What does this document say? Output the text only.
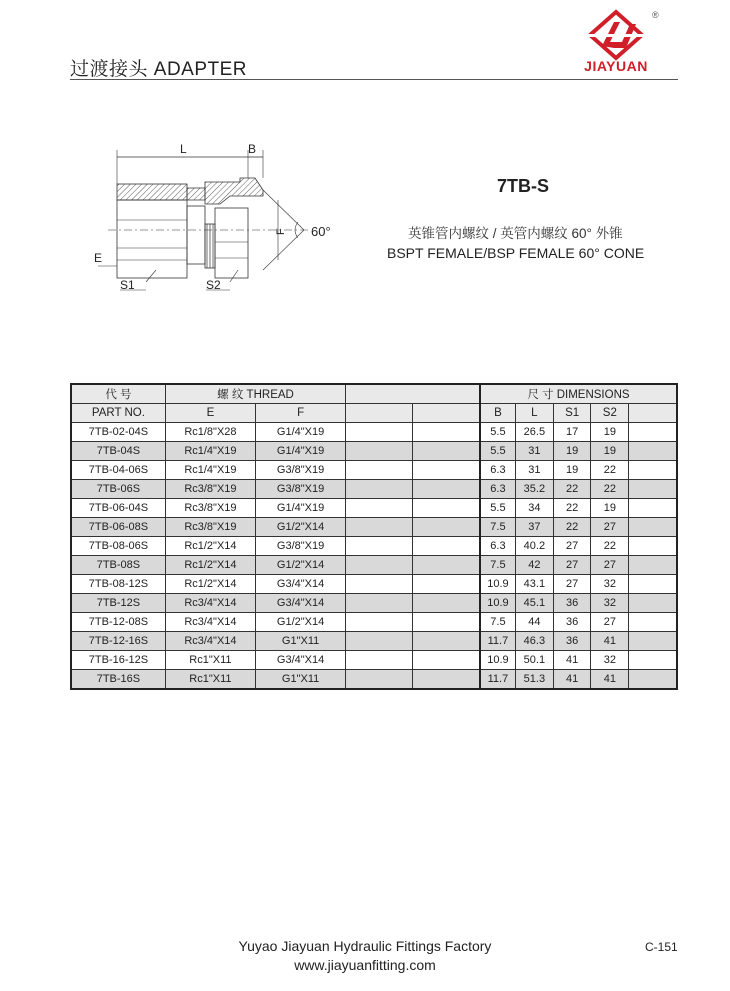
过渡接头 ADAPTER
®
JIAYUAN
L	B
60°
F
E
S1	S2
7TB-S
英锥管内螺纹 / 英管内螺纹 60° 外锥
BSPT FEMALE/BSP FEMALE 60° CONE
代 号	螺 纹 THREAD				尺 寸 DIMENSIONS				
PART NO.	E	F			B	L	S1	S2	
7TB-02-04S	Rc1/8"X28	G1/4"X19			5.5	26.5	17	19	
7TB-04S	Rc1/4"X19	G1/4"X19			5.5	31	19	19	
7TB-04-06S	Rc1/4"X19	G3/8"X19			6.3	31	19	22	
7TB-06S	Rc3/8"X19	G3/8"X19			6.3	35.2	22	22	
7TB-06-04S	Rc3/8"X19	G1/4"X19			5.5	34	22	19	
7TB-06-08S	Rc3/8"X19	G1/2"X14			7.5	37	22	27	
7TB-08-06S	Rc1/2"X14	G3/8"X19			6.3	40.2	27	22	
7TB-08S	Rc1/2"X14	G1/2"X14			7.5	42	27	27	
7TB-08-12S	Rc1/2"X14	G3/4"X14			10.9	43.1	27	32	
7TB-12S	Rc3/4"X14	G3/4"X14			10.9	45.1	36	32	
7TB-12-08S	Rc3/4"X14	G1/2"X14			7.5	44	36	27	
7TB-12-16S	Rc3/4"X14	G1"X11			11.7	46.3	36	41	
7TB-16-12S	Rc1"X11	G3/4"X14			10.9	50.1	41	32	
7TB-16S	Rc1"X11	G1"X11			11.7	51.3	41	41	
Yuyao Jiayuan Hydraulic Fittings Factory
www.jiayuanfitting.com
C-151
